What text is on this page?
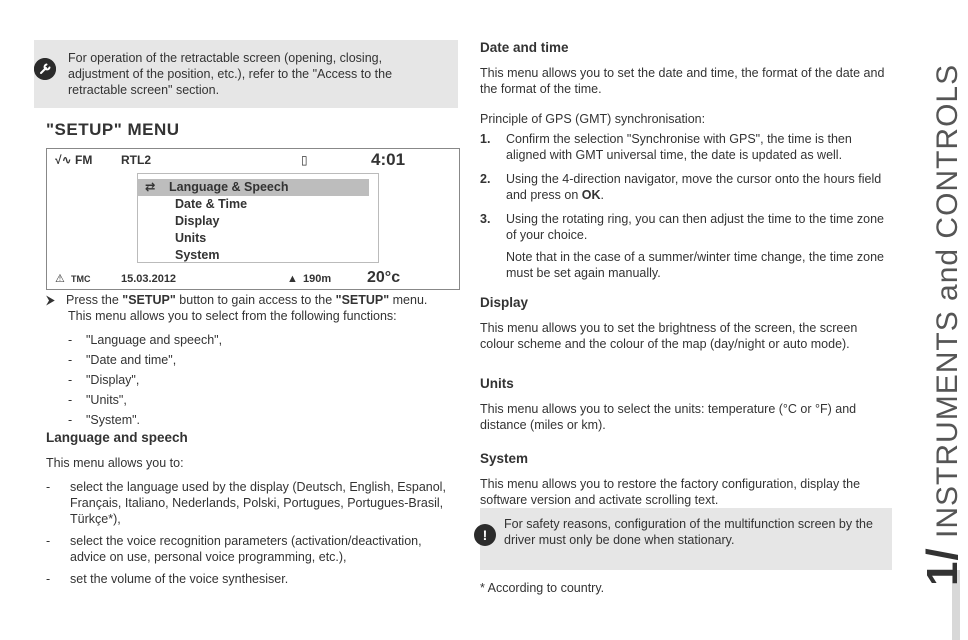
For operation of the retractable screen (opening, closing, adjustment of the position, etc.), refer to the "Access to the retractable screen" section.
"SETUP" MENU
√∿ FM RTL2	▯	4:01
⇄ Language & Speech
Date & Time
Display
Units
System
⚠ TMC	15.03.2012	▲ 190m 20°c

⮞ Press the "SETUP" button to gain access to the "SETUP" menu.

This menu allows you to select from the following functions:

- "Language and speech",
- "Date and time",
- "Display",
- "Units",
- "System".
Language and speech

This menu allows you to:

- select the language used by the display (Deutsch, English, Espanol, Français, Italiano, Nederlands, Polski, Portugues, Portugues-Brasil, Türkçe*),
- select the voice recognition parameters (activation/deactivation, advice on use, personal voice programming, etc.),
- set the volume of the voice synthesiser.
Date and time

This menu allows you to set the date and time, the format of the date and the format of the time.

Principle of GPS (GMT) synchronisation:

1. Confirm the selection "Synchronise with GPS", the time is then aligned with GMT universal time, the date is updated as well.
2. Using the 4-direction navigator, move the cursor onto the hours field and press on OK.
3. Using the rotating ring, you can then adjust the time to the time zone of your choice.

Note that in the case of a summer/winter time change, the time zone must be set again manually.

Display

This menu allows you to set the brightness of the screen, the screen colour scheme and the colour of the map (day/night or auto mode).

Units

This menu allows you to select the units: temperature (°C or °F) and distance (miles or km).

System

This menu allows you to restore the factory configuration, display the software version and activate scrolling text.

!
For safety reasons, configuration of the multifunction screen by the driver must only be done when stationary.

* According to country.

1/ INSTRUMENTS and CONTROLS
